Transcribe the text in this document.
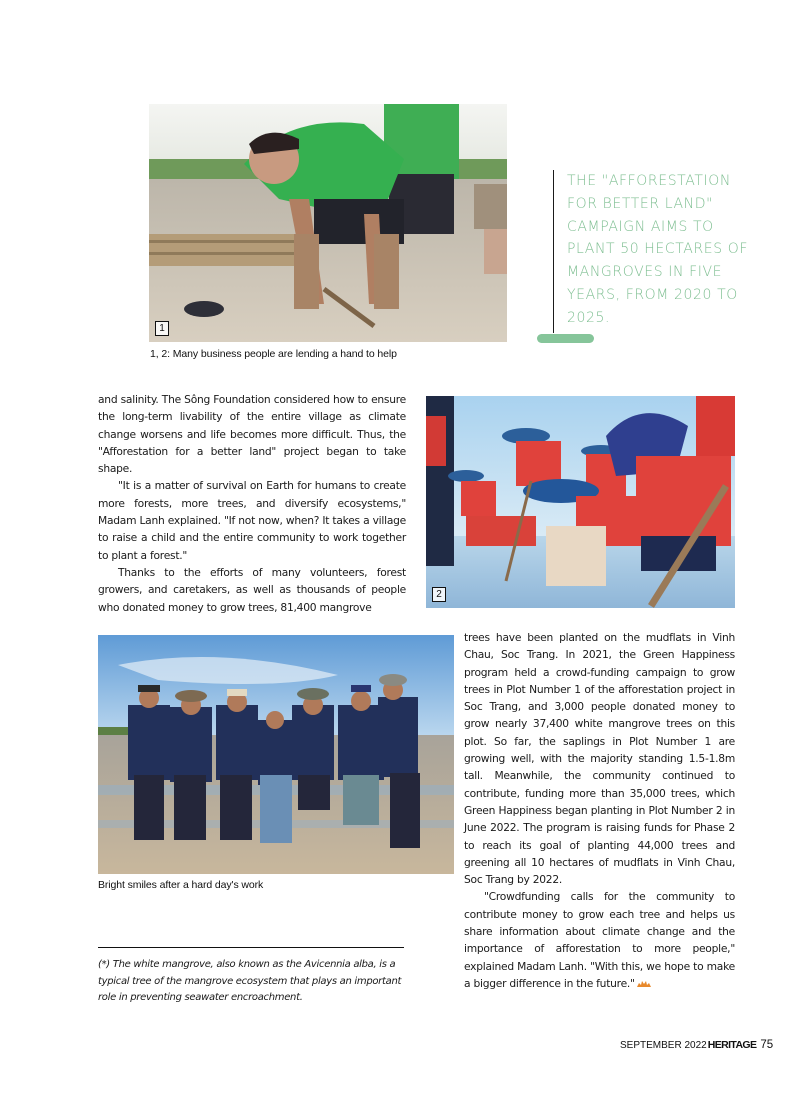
1
1, 2: Many business people are lending a hand to help
THE "AFFORESTATION FOR BETTER LAND" CAMPAIGN AIMS TO PLANT 50 HECTARES OF MANGROVES IN FIVE YEARS, FROM 2020 TO 2025.

and salinity. The Sông Foundation considered how to ensure the long-term livability of the entire village as climate change worsens and life becomes more difficult. Thus, the "Afforestation for a better land" project began to take shape.

"It is a matter of survival on Earth for humans to create more forests, more trees, and diversify ecosystems," Madam Lanh explained. "If not now, when? It takes a village to raise a child and the entire community to work together to plant a forest."

Thanks to the efforts of many volunteers, forest growers, and caretakers, as well as thousands of people who donated money to grow trees, 81,400 mangrove

2
Bright smiles after a hard day's work

trees have been planted on the mudflats in Vinh Chau, Soc Trang. In 2021, the Green Happiness program held a crowd-funding campaign to grow trees in Plot Number 1 of the afforestation project in Soc Trang, and 3,000 people donated money to grow nearly 37,400 white mangrove trees on this plot. So far, the saplings in Plot Number 1 are growing well, with the majority standing 1.5-1.8m tall. Meanwhile, the community continued to contribute, funding more than 35,000 trees, which Green Happiness began planting in Plot Number 2 in June 2022. The program is raising funds for Phase 2 to reach its goal of planting 44,000 trees and greening all 10 hectares of mudflats in Vinh Chau, Soc Trang by 2022.

"Crowdfunding calls for the community to contribute money to grow each tree and helps us share information about climate change and the importance of afforestation to more people," explained Madam Lanh. "With this, we hope to make a bigger difference in the future."

(*) The white mangrove, also known as the Avicennia alba, is a typical tree of the mangrove ecosystem that plays an important role in preventing seawater encroachment.
SEPTEMBER 2022HERITAGE 75
